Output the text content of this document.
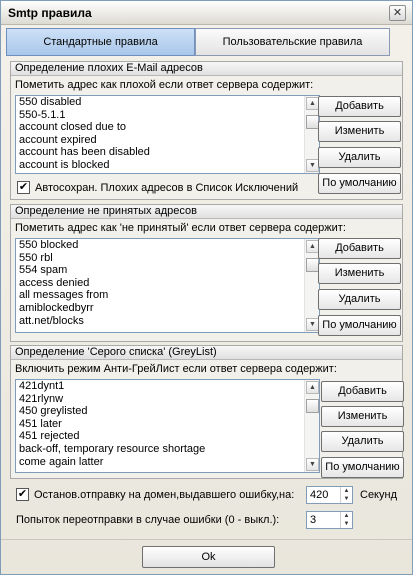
Smtp правила	✕
Стандартные правила	Пользовательские правила
Определение плохих E-Mail адресов
Пометить адрес как плохой если ответ сервера содержит:
550 disabled
550-5.1.1
account closed due to
account expired
account has been disabled
account is blocked
▲
▼
Добавить
Изменить
Удалить
По умолчанию
✔ Автосохран. Плохих адресов в Список Исключений
Определение не принятых адресов
Пометить адрес как 'не принятый' если ответ сервера содержит:
550 blocked
550 rbl
554 spam
access denied
all messages from
amiblockedbyrr
att.net/blocks
▲
▼
Добавить
Изменить
Удалить
По умолчанию
Определение 'Серого списка' (GreyList)
Включить режим Анти-ГрейЛист если ответ сервера содержит:
421dynt1
421rlynw
450 greylisted
451 later
451 rejected
back-off, temporary resource shortage
come again latter
▲
▼
Добавить
Изменить
Удалить
По умолчанию
✔ Останов.отправку на домен,выдавшего ошибку,на: 420	▲
▼ Секунд
Попыток переотправки в случае ошибки (0 - выкл.):	3	▲
▼
Ok
